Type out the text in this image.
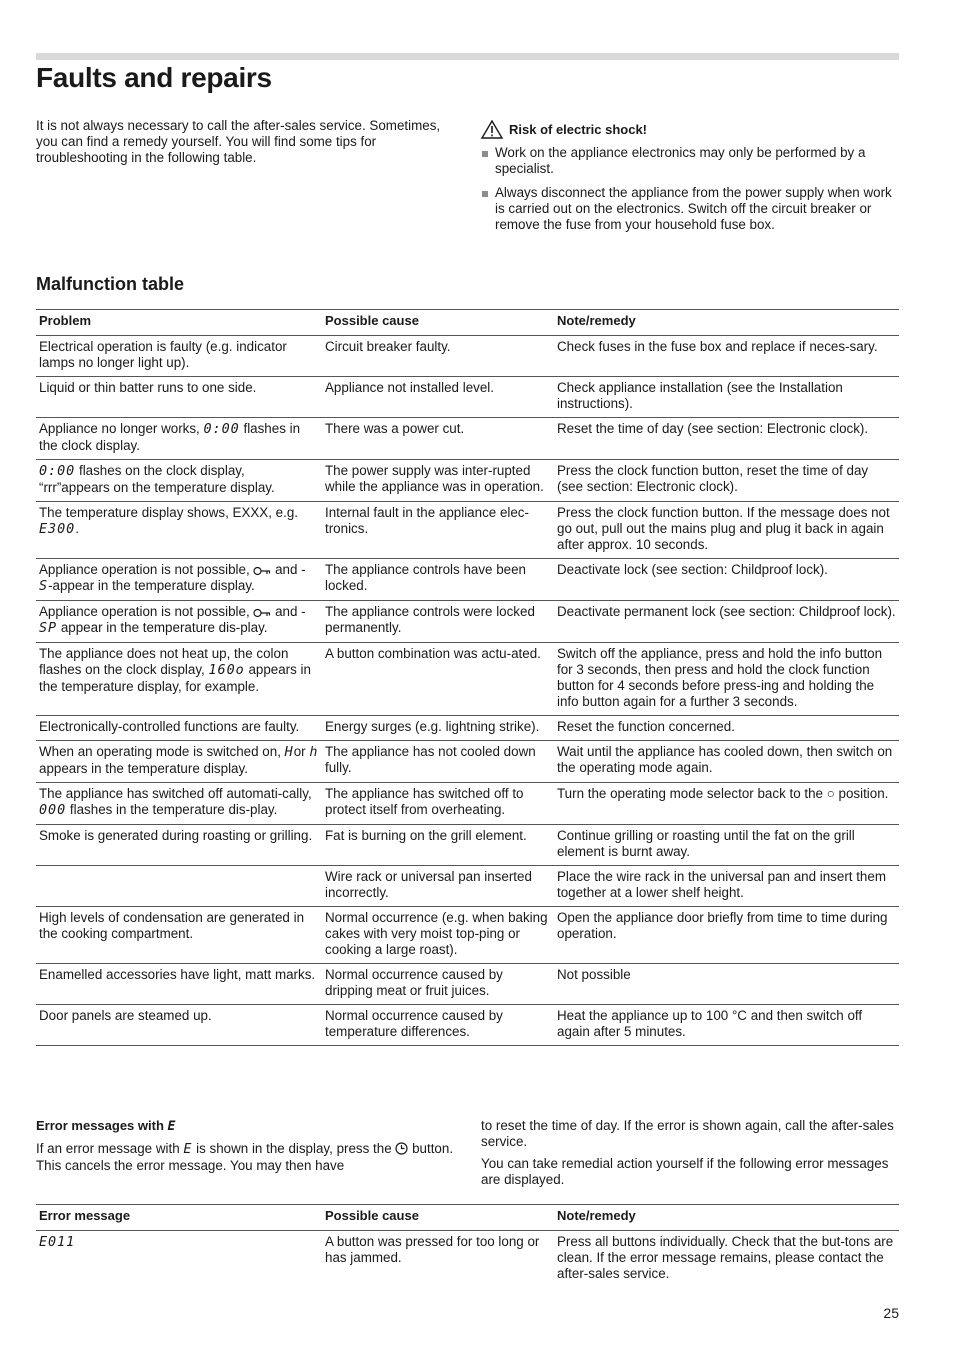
Faults and repairs

It is not always necessary to call the after-sales service. Sometimes, you can find a remedy yourself. You will find some tips for troubleshooting in the following table.

Risk of electric shock!
Work on the appliance electronics may only be performed by a specialist.
Always disconnect the appliance from the power supply when work is carried out on the electronics. Switch off the circuit breaker or remove the fuse from your household fuse box.
Malfunction table
Problem	Possible cause	Note/remedy
Electrical operation is faulty (e.g. indicator lamps no longer light up).	Circuit breaker faulty.	Check fuses in the fuse box and replace if neces-sary.
Liquid or thin batter runs to one side.	Appliance not installed level.	Check appliance installation (see the Installation instructions).
Appliance no longer works, 0:00 flashes in the clock display.	There was a power cut.	Reset the time of day (see section: Electronic clock).
0:00 flashes on the clock display, “rrr”appears on the temperature display.	The power supply was inter-rupted while the appliance was in operation.	Press the clock function button, reset the time of day (see section: Electronic clock).
The temperature display shows, EXXX, e.g. E300.	Internal fault in the appliance elec-tronics.	Press the clock function button. If the message does not go out, pull out the mains plug and plug it back in again after approx. 10 seconds.
Appliance operation is not possible,  and -S-appear in the temperature display.	The appliance controls have been locked.	Deactivate lock (see section: Childproof lock).
Appliance operation is not possible,  and -SP appear in the temperature dis-play.	The appliance controls were locked permanently.	Deactivate permanent lock (see section: Childproof lock).
The appliance does not heat up, the colon flashes on the clock display, 160o appears in the temperature display, for example.	A button combination was actu-ated.	Switch off the appliance, press and hold the info button for 3 seconds, then press and hold the clock function button for 4 seconds before press-ing and holding the info button again for a further 3 seconds.
Electronically-controlled functions are faulty.	Energy surges (e.g. lightning strike).	Reset the function concerned.
When an operating mode is switched on, Hor h appears in the temperature display.	The appliance has not cooled down fully.	Wait until the appliance has cooled down, then switch on the operating mode again.
The appliance has switched off automati-cally, 000 flashes in the temperature dis-play.	The appliance has switched off to protect itself from overheating.	Turn the operating mode selector back to the ○ position.
Smoke is generated during roasting or grilling.	Fat is burning on the grill element.	Continue grilling or roasting until the fat on the grill element is burnt away.
	Wire rack or universal pan inserted incorrectly.	Place the wire rack in the universal pan and insert them together at a lower shelf height.
High levels of condensation are generated in the cooking compartment.	Normal occurrence (e.g. when baking cakes with very moist top-ping or cooking a large roast).	Open the appliance door briefly from time to time during operation.
Enamelled accessories have light, matt marks.	Normal occurrence caused by dripping meat or fruit juices.	Not possible
Door panels are steamed up.	Normal occurrence caused by temperature differences.	Heat the appliance up to 100 °C and then switch off again after 5 minutes.
Error messages with E

If an error message with E is shown in the display, press the  button. This cancels the error message. You may then have

to reset the time of day. If the error is shown again, call the after-sales service.

You can take remedial action yourself if the following error messages are displayed.

Error message	Possible cause	Note/remedy
E011	A button was pressed for too long or has jammed.	Press all buttons individually. Check that the but-tons are clean. If the error message remains, please contact the after-sales service.
25
